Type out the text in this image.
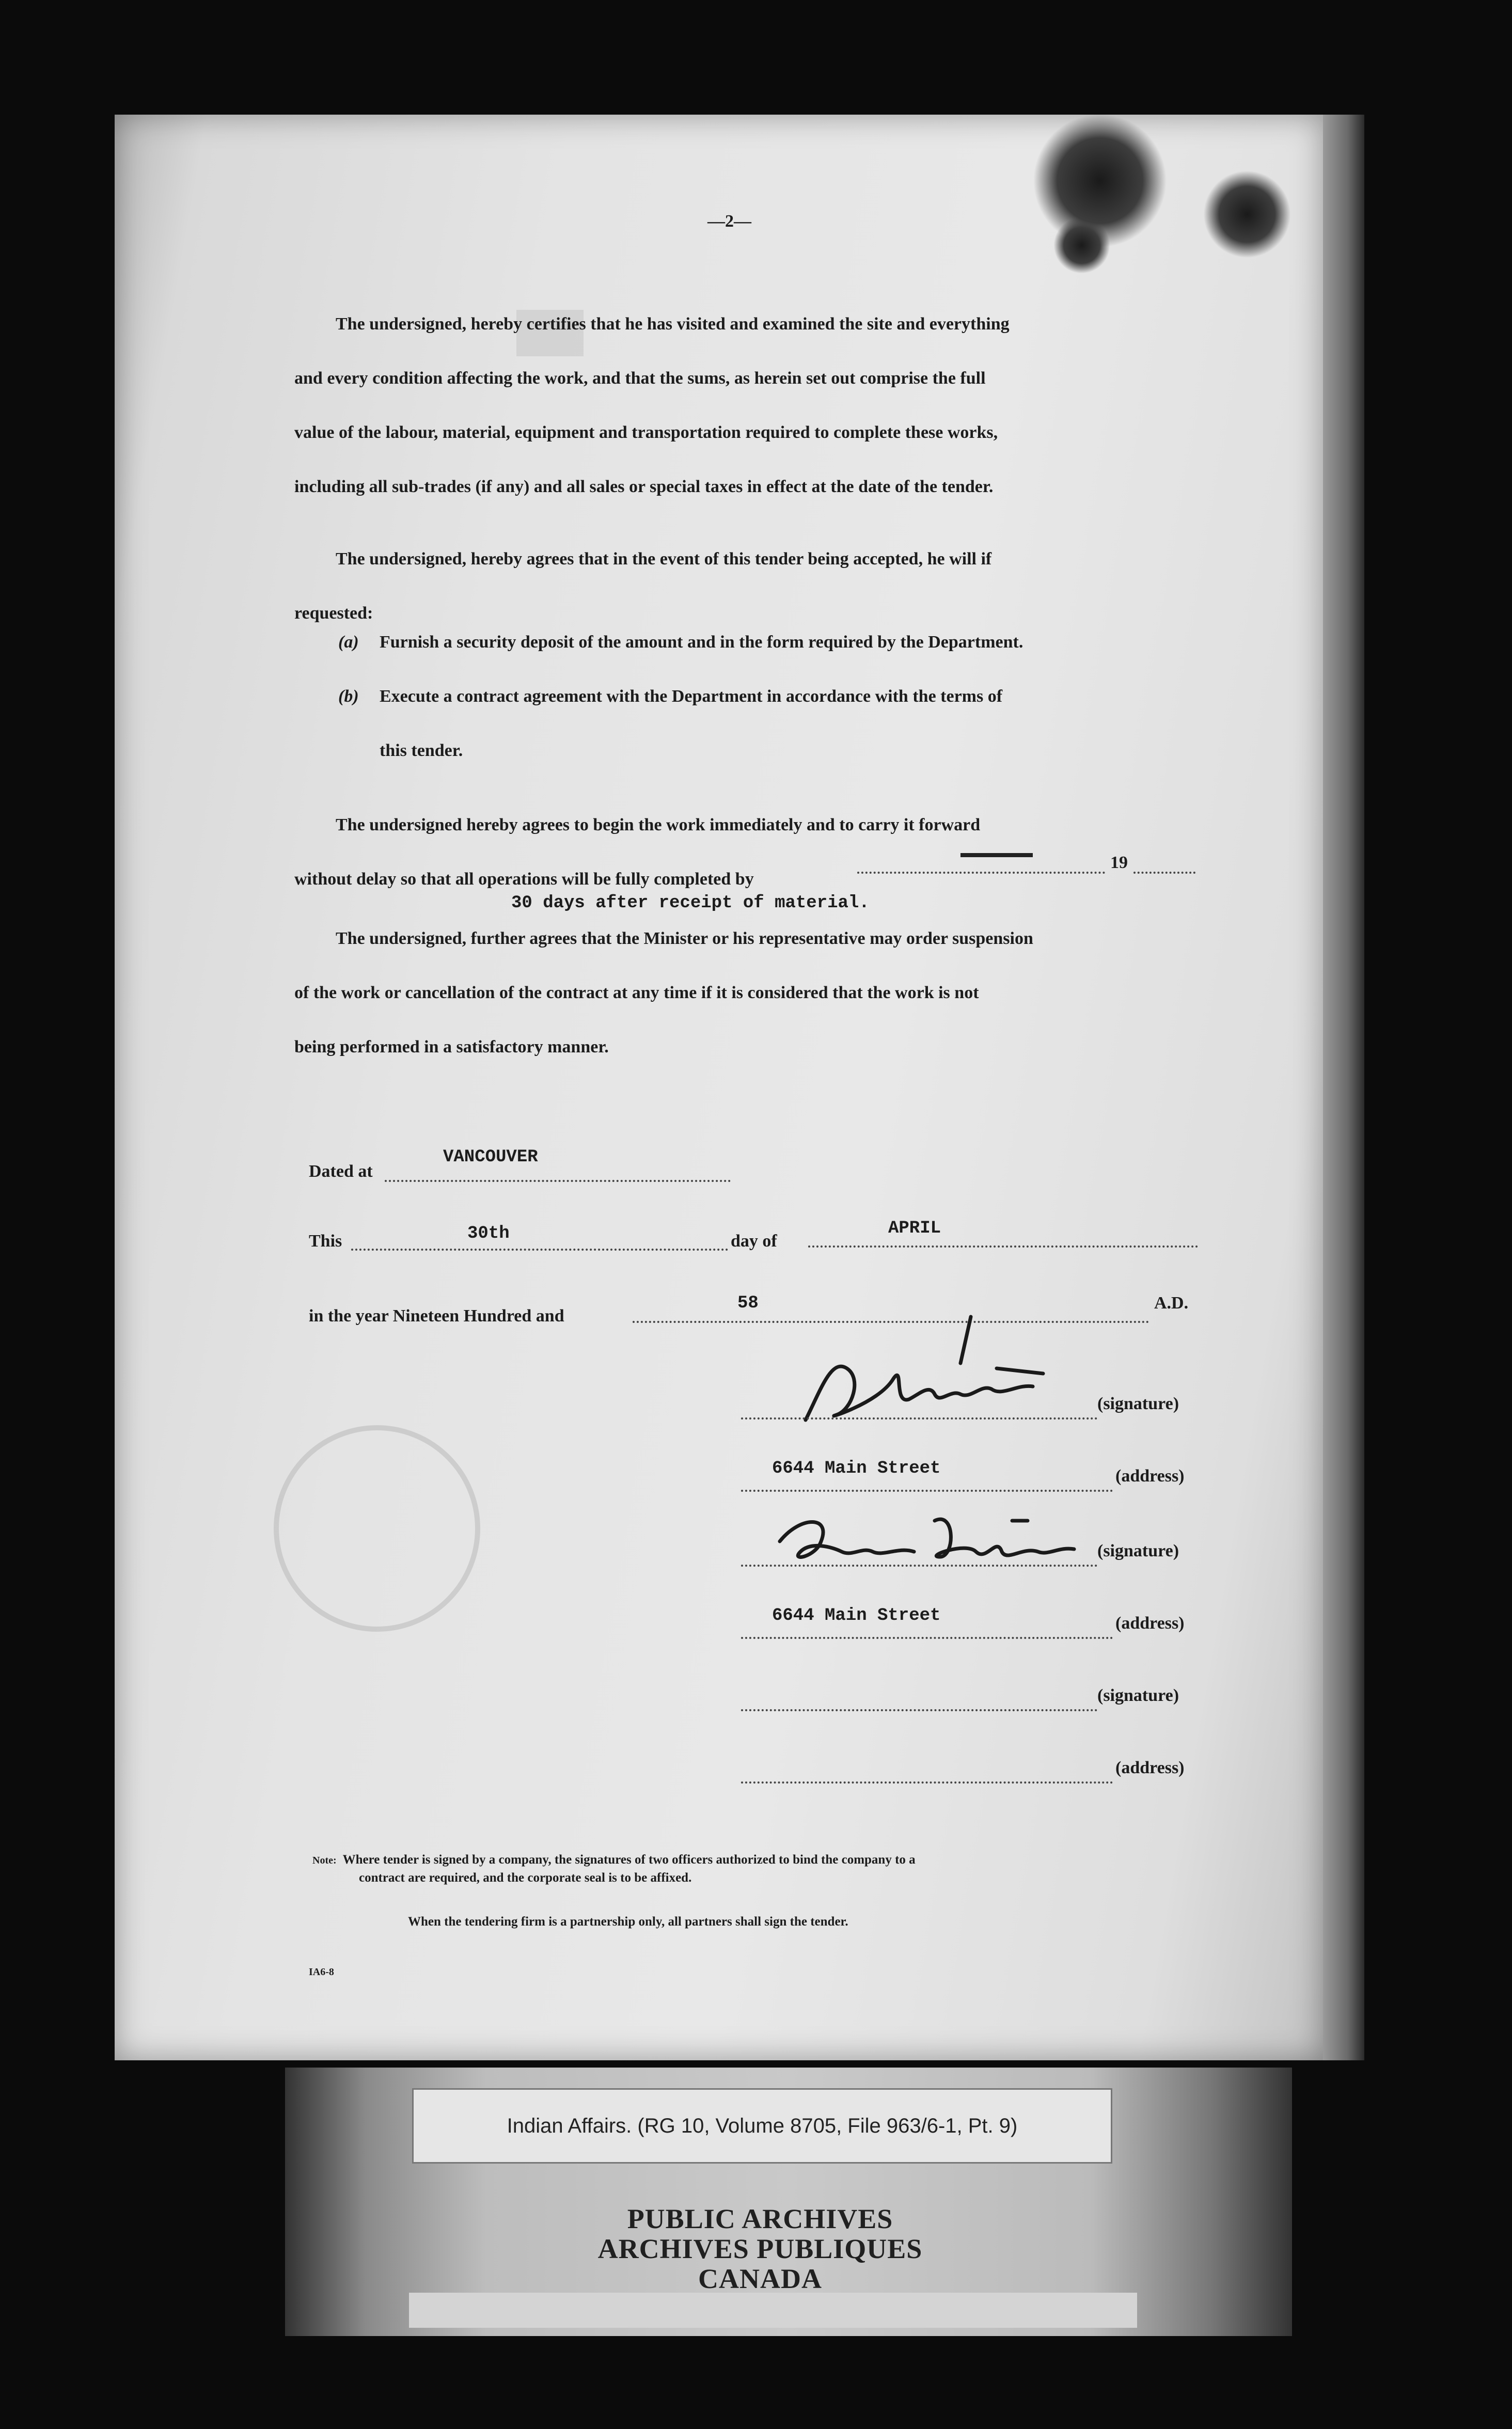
—2—
The undersigned, hereby certifies that he has visited and examined the site and everything
and every condition affecting the work, and that the sums, as herein set out comprise the full
value of the labour, material, equipment and transportation required to complete these works,
including all sub-trades (if any) and all sales or special taxes in effect at the date of the tender.
The undersigned, hereby agrees that in the event of this tender being accepted, he will if
requested:
(a) Furnish a security deposit of the amount and in the form required by the Department.
(b) Execute a contract agreement with the Department in accordance with the terms of
this tender.
The undersigned hereby agrees to begin the work immediately and to carry it forward
without delay so that all operations will be fully completed by
19
30 days after receipt of material.
The undersigned, further agrees that the Minister or his representative may order suspension
of the work or cancellation of the contract at any time if it is considered that the work is not
being performed in a satisfactory manner.
Dated at
VANCOUVER
This	30th	day of
APRIL
in the year Nineteen Hundred and
58	A.D.
(signature)
6644 Main Street	(address)
(signature)
6644 Main Street	(address)
(signature)
(address)
Note: Where tender is signed by a company, the signatures of two officers authorized to bind the company to a
contract are required, and the corporate seal is to be affixed.
When the tendering firm is a partnership only, all partners shall sign the tender.
IA6-8
Indian Affairs. (RG 10, Volume 8705, File 963/6-1, Pt. 9)
PUBLIC ARCHIVES
ARCHIVES PUBLIQUES
CANADA
